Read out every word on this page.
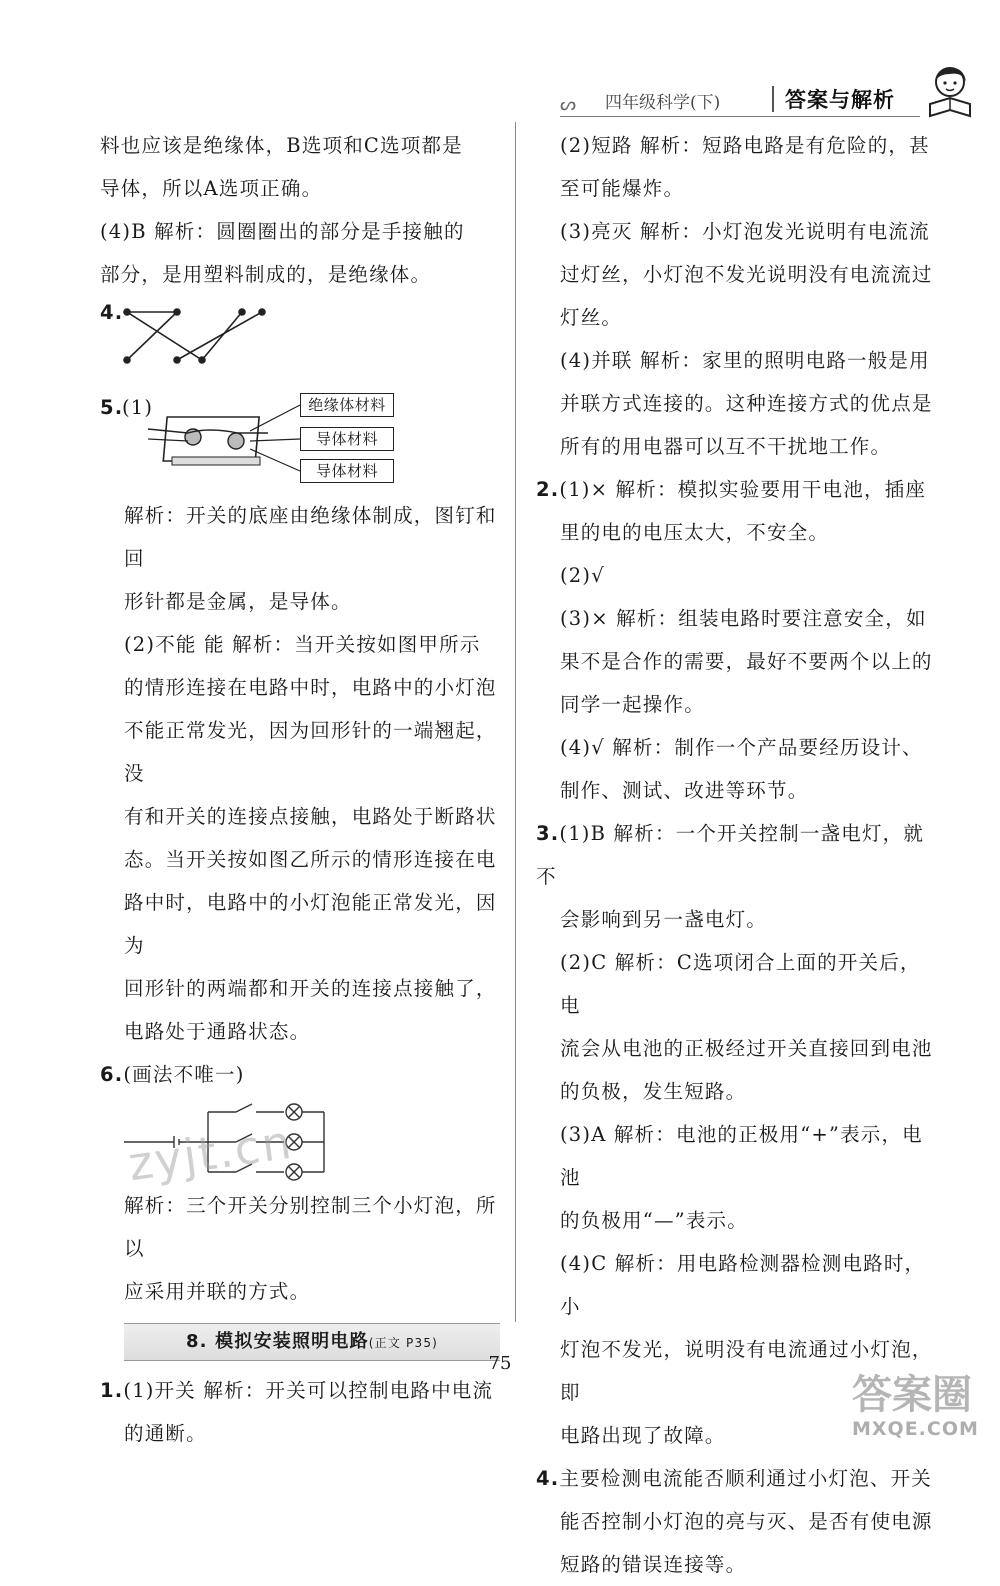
ᔕ 四年级科学(下)	答案与解析

料也应该是绝缘体，B选项和C选项都是

导体，所以A选项正确。

(4)B 解析：圆圈圈出的部分是手接触的

部分，是用塑料制成的，是绝缘体。

4.
5.
(1)	绝缘体材料
导体材料
导体材料

解析：开关的底座由绝缘体制成，图钉和回

形针都是金属，是导体。

(2)不能 能 解析：当开关按如图甲所示

的情形连接在电路中时，电路中的小灯泡

不能正常发光，因为回形针的一端翘起，没

有和开关的连接点接触，电路处于断路状

态。当开关按如图乙所示的情形连接在电

路中时，电路中的小灯泡能正常发光，因为

回形针的两端都和开关的连接点接触了，

电路处于通路状态。

6.(画法不唯一)

zyjt.cn

解析：三个开关分别控制三个小灯泡，所以

应采用并联的方式。

8. 模拟安装照明电路(正文 P35)

1.(1)开关 解析：开关可以控制电路中电流

的通断。

(2)短路 解析：短路电路是有危险的，甚

至可能爆炸。

(3)亮灭 解析：小灯泡发光说明有电流流

过灯丝，小灯泡不发光说明没有电流流过

灯丝。

(4)并联 解析：家里的照明电路一般是用

并联方式连接的。这种连接方式的优点是

所有的用电器可以互不干扰地工作。

2.(1)× 解析：模拟实验要用干电池，插座

里的电的电压太大，不安全。

(2)√

(3)× 解析：组装电路时要注意安全，如

果不是合作的需要，最好不要两个以上的

同学一起操作。

(4)√ 解析：制作一个产品要经历设计、

制作、测试、改进等环节。

3.(1)B 解析：一个开关控制一盏电灯，就不

会影响到另一盏电灯。

(2)C 解析：C选项闭合上面的开关后，电

流会从电池的正极经过开关直接回到电池

的负极，发生短路。

(3)A 解析：电池的正极用“+”表示，电池

的负极用“—”表示。

(4)C 解析：用电路检测器检测电路时，小

灯泡不发光，说明没有电流通过小灯泡，即

电路出现了故障。

4.主要检测电流能否顺利通过小灯泡、开关

能否控制小灯泡的亮与灭、是否有使电源

短路的错误连接等。

75
答案圈
MXQE.COM
